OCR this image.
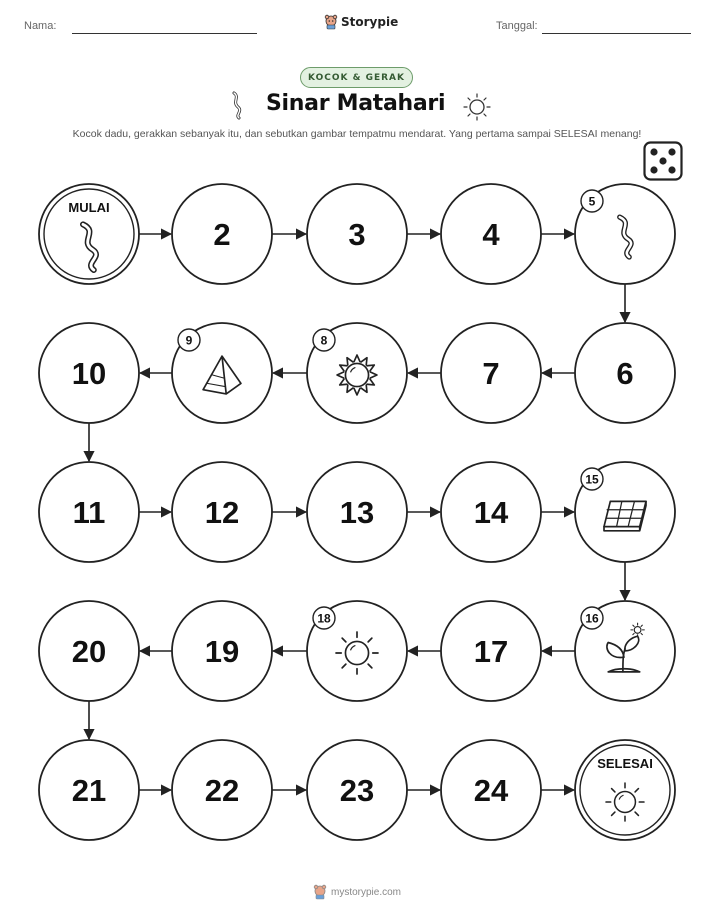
Nama:	Storypie	Tanggal:
KOCOK & GERAK
Sinar Matahari
Kocok dadu, gerakkan sebanyak itu, dan sebutkan gambar tempatmu mendarat. Yang pertama sampai SELESAI menang!
MULAI
2	3	4
5
6
7
8
9
10
11	12	13	14
15
16
17
18
19
20
21	22	23	24
SELESAI
mystorypie.com
